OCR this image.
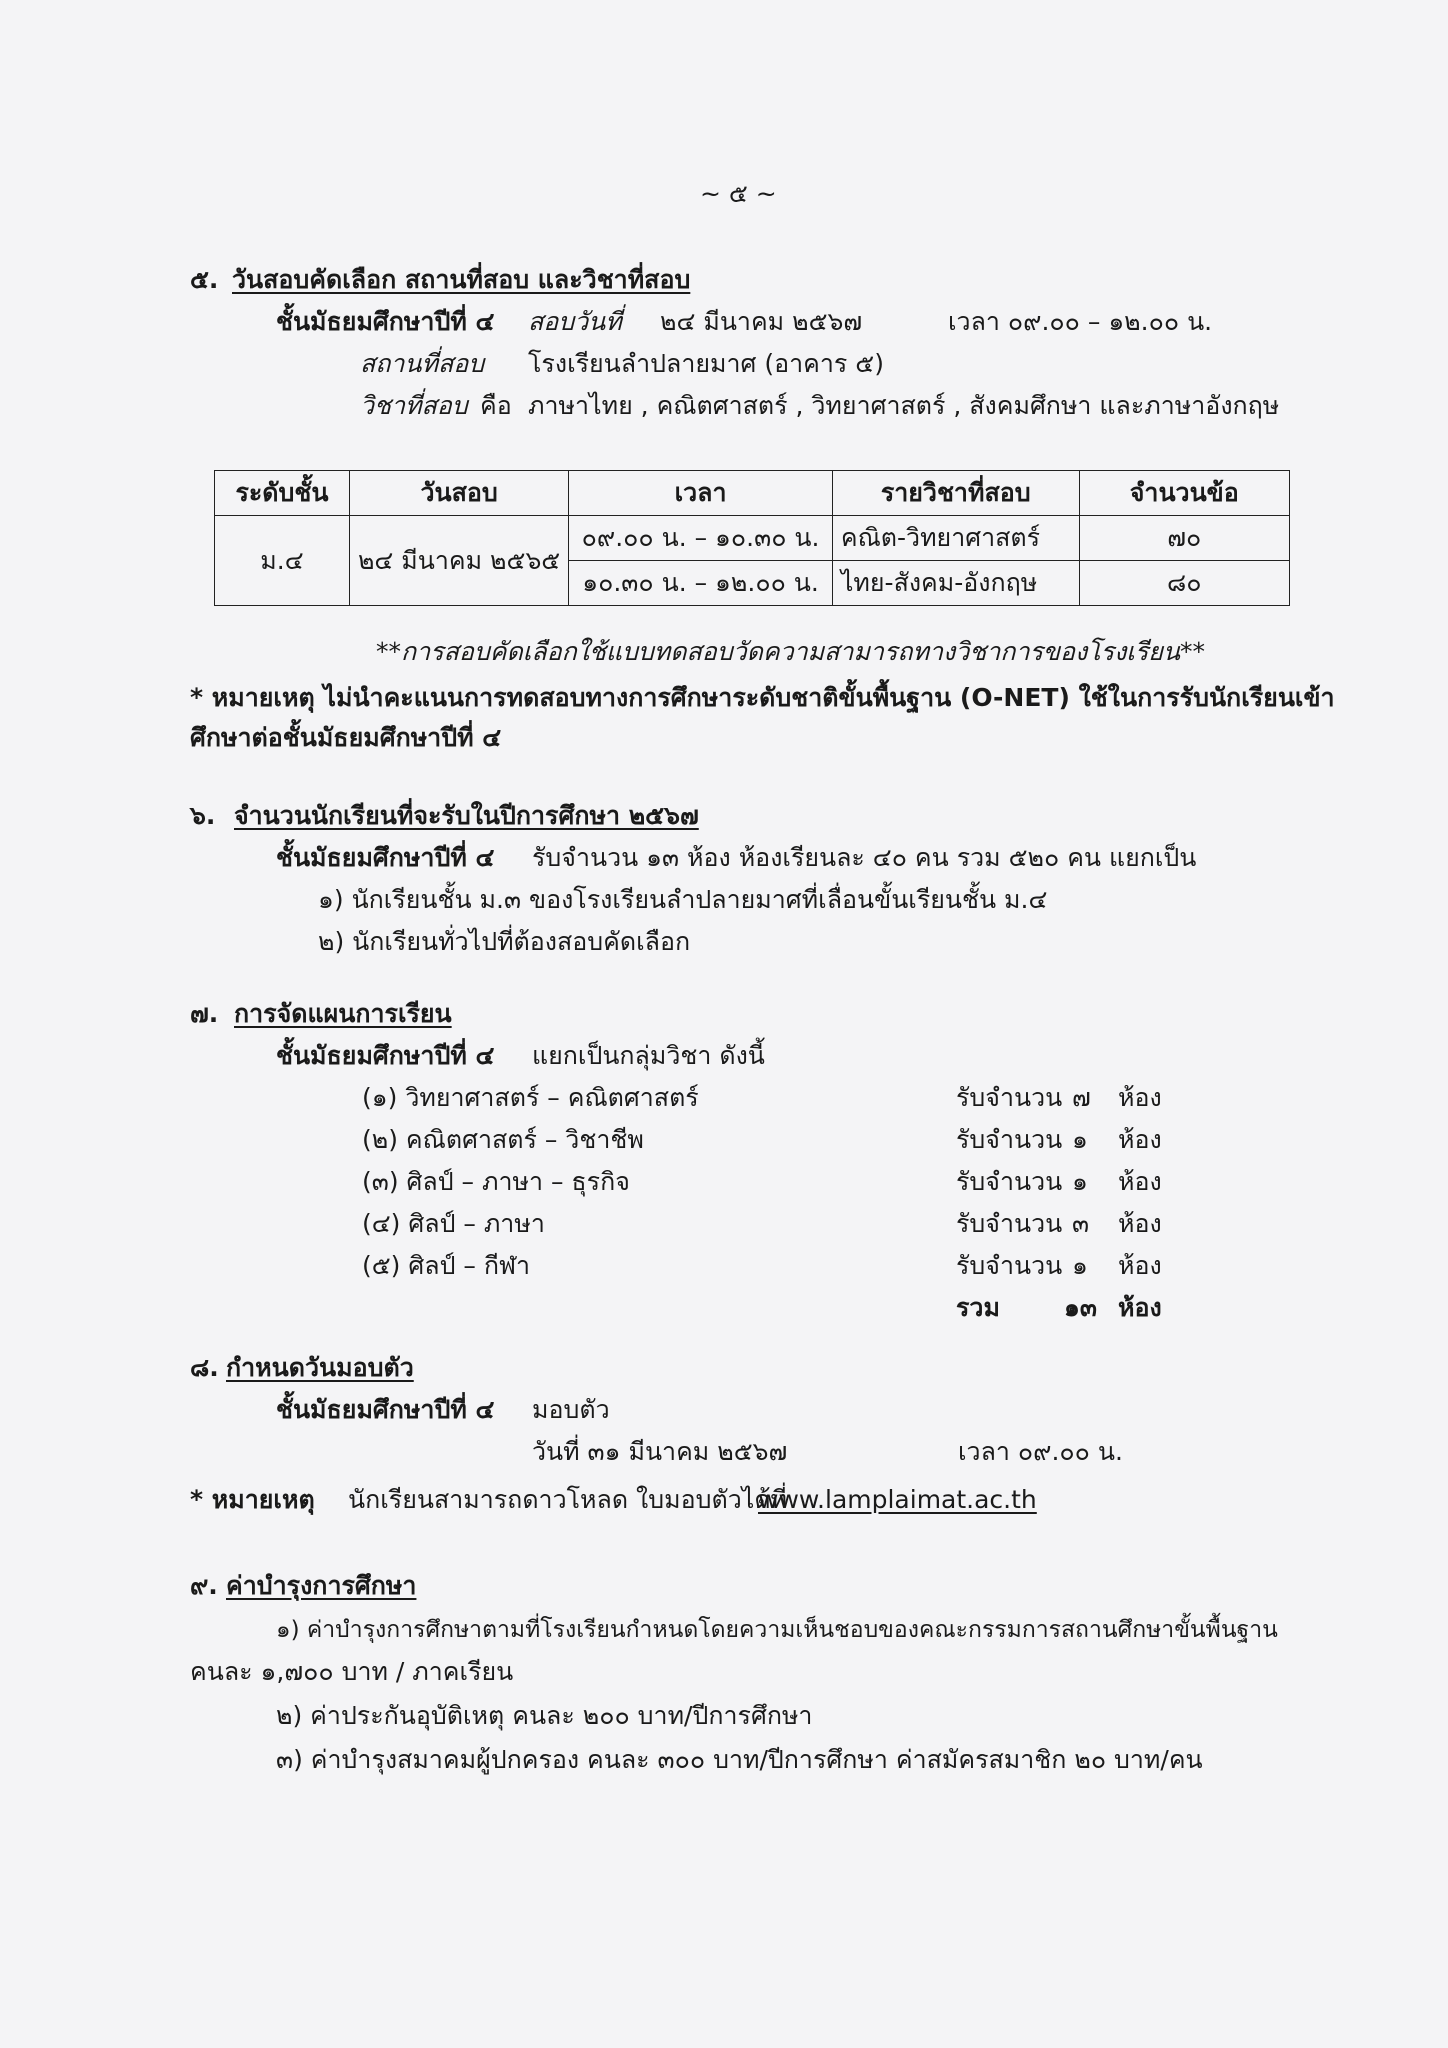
~ ๕ ~
๕. วันสอบคัดเลือก สถานที่สอบ และวิชาที่สอบ
ชั้นมัธยมศึกษาปีที่ ๔ สอบวันที่ ๒๔ มีนาคม ๒๕๖๗	เวลา ๐๙.๐๐ – ๑๒.๐๐ น.
สถานที่สอบ โรงเรียนลำปลายมาศ (อาคาร ๕)
วิชาที่สอบ คือ ภาษาไทย , คณิตศาสตร์ , วิทยาศาสตร์ , สังคมศึกษา และภาษาอังกฤษ
ระดับชั้น	วันสอบ	เวลา	รายวิชาที่สอบ	จำนวนข้อ
ม.๔	๒๔ มีนาคม ๒๕๖๕	๐๙.๐๐ น. – ๑๐.๓๐ น.	คณิต-วิทยาศาสตร์	๗๐
		๑๐.๓๐ น. – ๑๒.๐๐ น.	ไทย-สังคม-อังกฤษ	๘๐
**การสอบคัดเลือกใช้แบบทดสอบวัดความสามารถทางวิชาการของโรงเรียน**
* หมายเหตุ ไม่นำคะแนนการทดสอบทางการศึกษาระดับชาติขั้นพื้นฐาน (O-NET) ใช้ในการรับนักเรียนเข้า
ศึกษาต่อชั้นมัธยมศึกษาปีที่ ๔
๖. จำนวนนักเรียนที่จะรับในปีการศึกษา ๒๕๖๗
ชั้นมัธยมศึกษาปีที่ ๔ รับจำนวน ๑๓ ห้อง ห้องเรียนละ ๔๐ คน รวม ๕๒๐ คน แยกเป็น
๑) นักเรียนชั้น ม.๓ ของโรงเรียนลำปลายมาศที่เลื่อนขั้นเรียนชั้น ม.๔
๒) นักเรียนทั่วไปที่ต้องสอบคัดเลือก
๗. การจัดแผนการเรียน
ชั้นมัธยมศึกษาปีที่ ๔ แยกเป็นกลุ่มวิชา ดังนี้
(๑) วิทยาศาสตร์ – คณิตศาสตร์	รับจำนวน ๗ ห้อง
(๒) คณิตศาสตร์ – วิชาชีพ	รับจำนวน ๑ ห้อง
(๓) ศิลป์ – ภาษา – ธุรกิจ	รับจำนวน ๑ ห้อง
(๔) ศิลป์ – ภาษา	รับจำนวน ๓ ห้อง
(๕) ศิลป์ – กีฬา	รับจำนวน ๑ ห้อง
รวม	๑๓ ห้อง
๘. กำหนดวันมอบตัว
ชั้นมัธยมศึกษาปีที่ ๔ มอบตัว
วันที่ ๓๑ มีนาคม ๒๕๖๗	เวลา ๐๙.๐๐ น.
* หมายเหตุ นักเรียนสามารถดาวโหลด ใบมอบตัวได้ที่
www.lamplaimat.ac.th
๙. ค่าบำรุงการศึกษา
๑) ค่าบำรุงการศึกษาตามที่โรงเรียนกำหนดโดยความเห็นชอบของคณะกรรมการสถานศึกษาขั้นพื้นฐาน
คนละ ๑,๗๐๐ บาท / ภาคเรียน
๒) ค่าประกันอุบัติเหตุ คนละ ๒๐๐ บาท/ปีการศึกษา
๓) ค่าบำรุงสมาคมผู้ปกครอง คนละ ๓๐๐ บาท/ปีการศึกษา ค่าสมัครสมาชิก ๒๐ บาท/คน
